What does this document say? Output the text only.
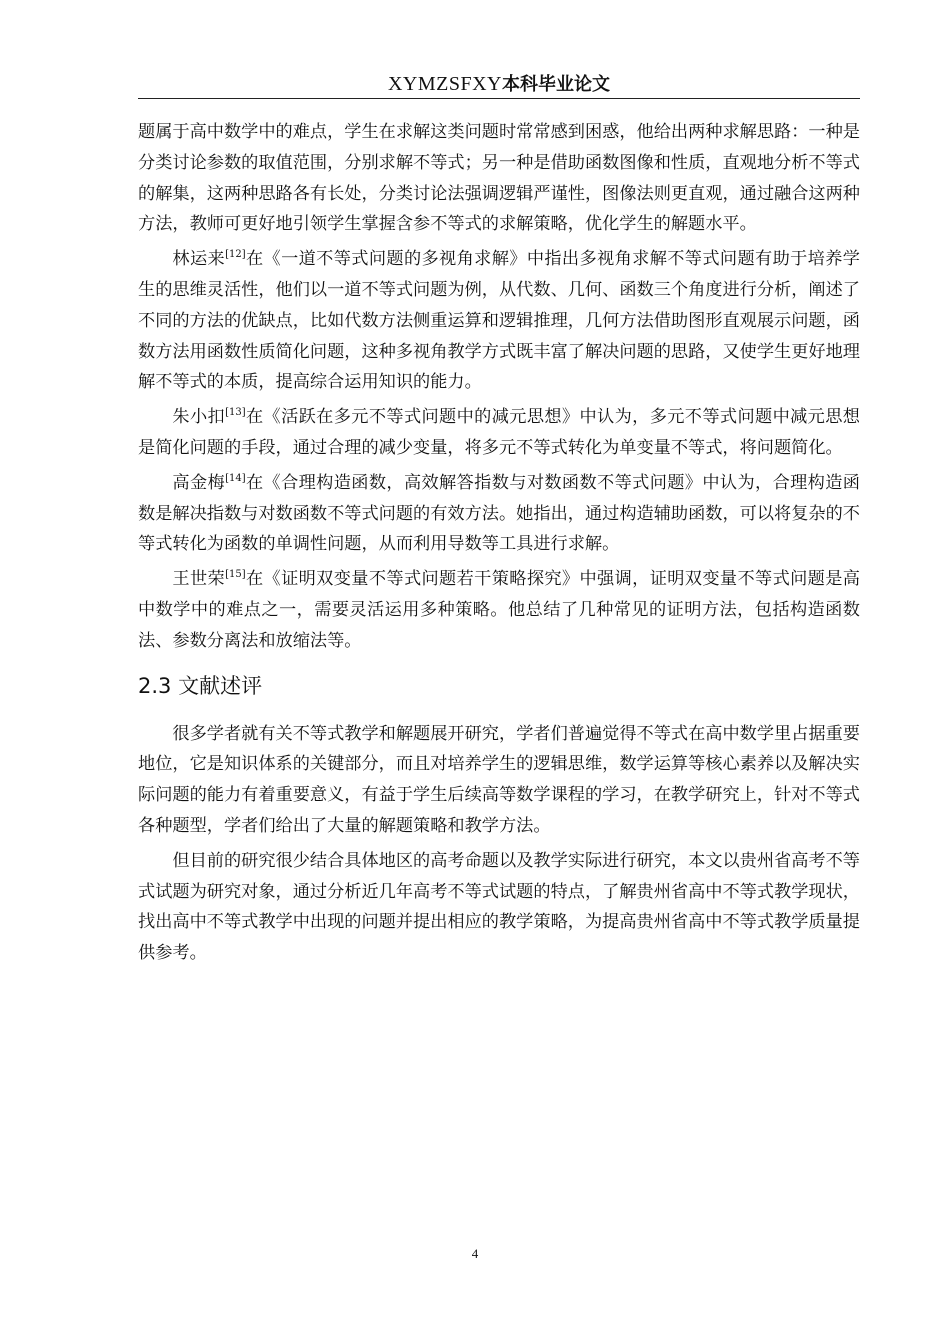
XYMZSFXY本科毕业论文

题属于高中数学中的难点，学生在求解这类问题时常常感到困惑，他给出两种求解思路：一种是分类讨论参数的取值范围，分别求解不等式；另一种是借助函数图像和性质，直观地分析不等式的解集，这两种思路各有长处，分类讨论法强调逻辑严谨性，图像法则更直观，通过融合这两种方法，教师可更好地引领学生掌握含参不等式的求解策略，优化学生的解题水平。

林运来[12]在《一道不等式问题的多视角求解》中指出多视角求解不等式问题有助于培养学生的思维灵活性，他们以一道不等式问题为例，从代数、几何、函数三个角度进行分析，阐述了不同的方法的优缺点，比如代数方法侧重运算和逻辑推理，几何方法借助图形直观展示问题，函数方法用函数性质简化问题，这种多视角教学方式既丰富了解决问题的思路，又使学生更好地理解不等式的本质，提高综合运用知识的能力。

朱小扣[13]在《活跃在多元不等式问题中的减元思想》中认为，多元不等式问题中减元思想是简化问题的手段，通过合理的减少变量，将多元不等式转化为单变量不等式，将问题简化。

高金梅[14]在《合理构造函数，高效解答指数与对数函数不等式问题》中认为，合理构造函数是解决指数与对数函数不等式问题的有效方法。她指出，通过构造辅助函数，可以将复杂的不等式转化为函数的单调性问题，从而利用导数等工具进行求解。

王世荣[15]在《证明双变量不等式问题若干策略探究》中强调，证明双变量不等式问题是高中数学中的难点之一，需要灵活运用多种策略。他总结了几种常见的证明方法，包括构造函数法、参数分离法和放缩法等。

2.3 文献述评

很多学者就有关不等式教学和解题展开研究，学者们普遍觉得不等式在高中数学里占据重要地位，它是知识体系的关键部分，而且对培养学生的逻辑思维，数学运算等核心素养以及解决实际问题的能力有着重要意义，有益于学生后续高等数学课程的学习，在教学研究上，针对不等式各种题型，学者们给出了大量的解题策略和教学方法。

但目前的研究很少结合具体地区的高考命题以及教学实际进行研究，本文以贵州省高考不等式试题为研究对象，通过分析近几年高考不等式试题的特点，了解贵州省高中不等式教学现状，找出高中不等式教学中出现的问题并提出相应的教学策略，为提高贵州省高中不等式教学质量提供参考。

4
